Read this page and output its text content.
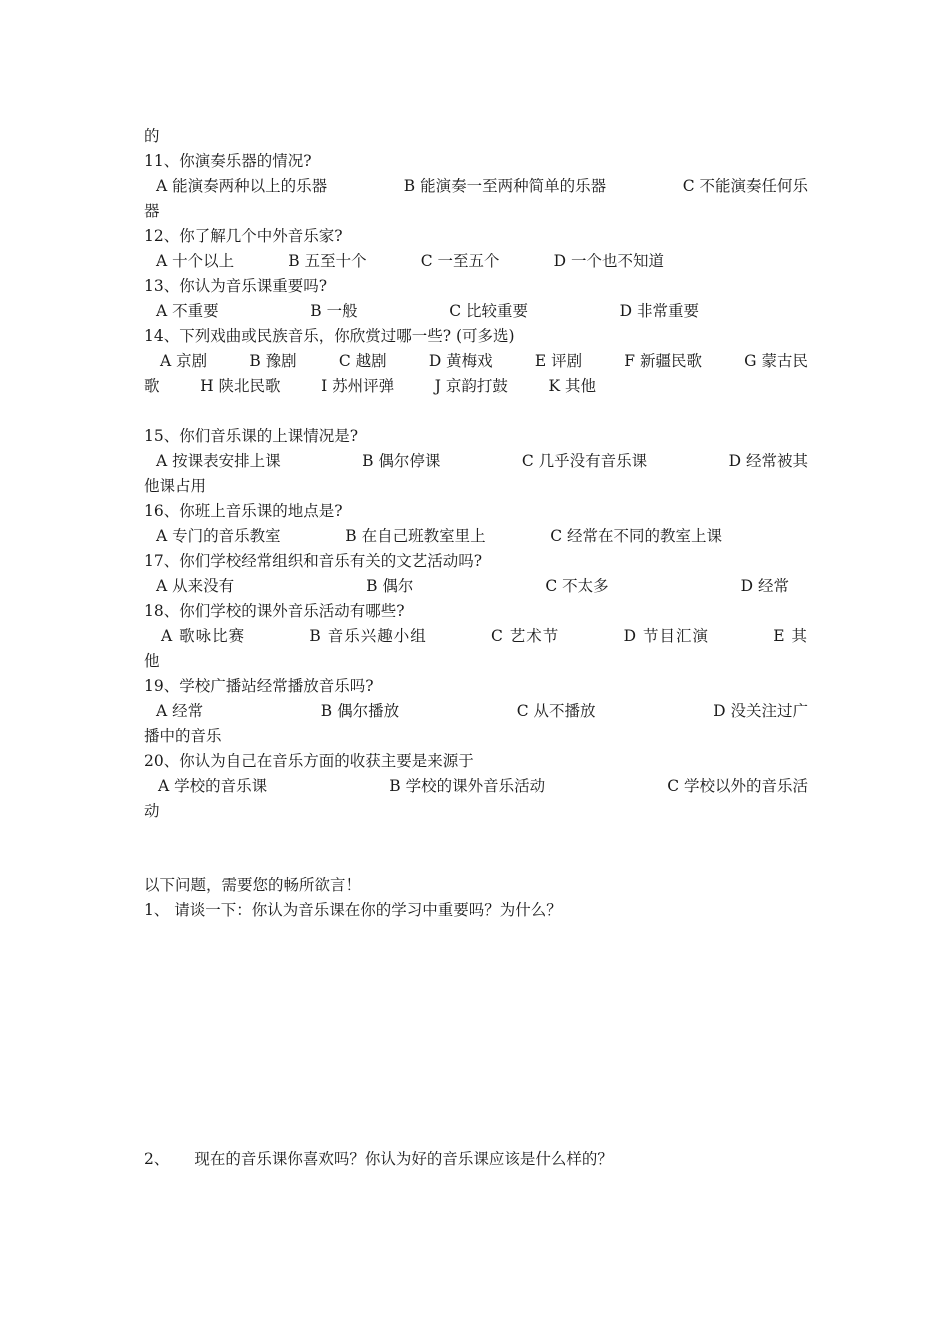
的
11、你演奏乐器的情况?
A 能演奏两种以上的乐器	B 能演奏一至两种简单的乐器	C 不能演奏任何乐
器
12、你了解几个中外音乐家?
A 十个以上	B 五至十个	C 一至五个	D 一个也不知道
13、你认为音乐课重要吗?
A 不重要	B 一般	C 比较重要	D 非常重要
14、下列戏曲或民族音乐，你欣赏过哪一些? (可多选)
A 京剧	B 豫剧	C 越剧	D 黄梅戏	E 评剧	F 新疆民歌	G 蒙古民
歌	H 陕北民歌	I 苏州评弹	J 京韵打鼓	K 其他
15、你们音乐课的上课情况是?
A 按课表安排上课	B 偶尔停课	C 几乎没有音乐课	D 经常被其
他课占用
16、你班上音乐课的地点是?
A 专门的音乐教室	B 在自己班教室里上	C 经常在不同的教室上课
17、你们学校经常组织和音乐有关的文艺活动吗?
A 从来没有	B 偶尔	C 不太多	D 经常
18、你们学校的课外音乐活动有哪些?
A 歌咏比赛	B 音乐兴趣小组	C 艺术节	D 节目汇演	E 其
他
19、学校广播站经常播放音乐吗?
A 经常	B 偶尔播放	C 从不播放	D 没关注过广
播中的音乐
20、你认为自己在音乐方面的收获主要是来源于
A 学校的音乐课	B 学校的课外音乐活动	C 学校以外的音乐活
动
以下问题，需要您的畅所欲言！
1、 请谈一下：你认为音乐课在你的学习中重要吗？为什么？
2、 现在的音乐课你喜欢吗？你认为好的音乐课应该是什么样的？
